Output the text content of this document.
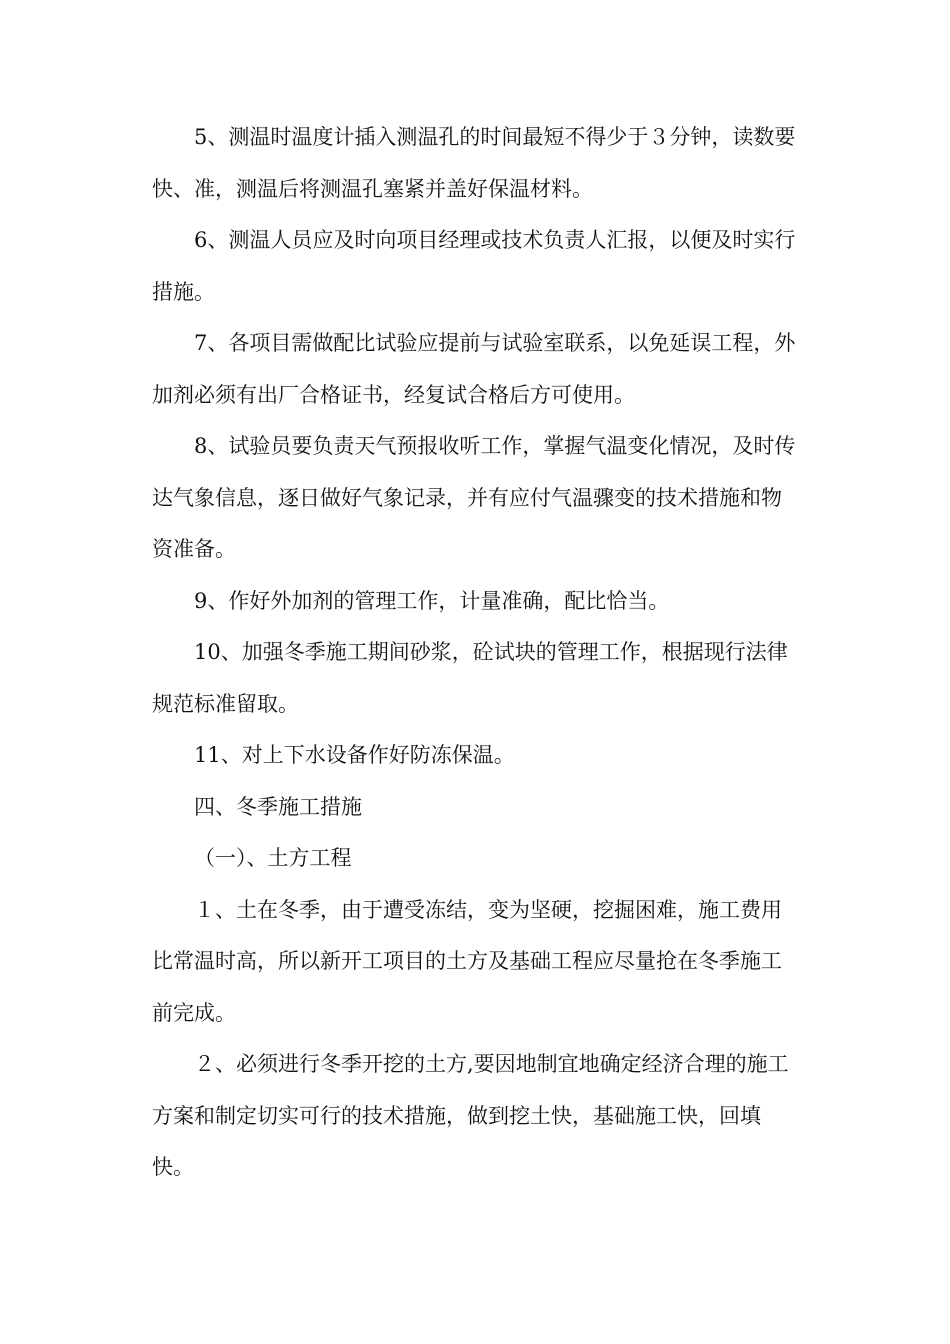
5、测温时温度计插入测温孔的时间最短不得少于３分钟，读数要快、准，测温后将测温孔塞紧并盖好保温材料。

6、测温人员应及时向项目经理或技术负责人汇报，以便及时实行措施。

7、各项目需做配比试验应提前与试验室联系，以免延误工程，外加剂必须有出厂合格证书，经复试合格后方可使用。

8、试验员要负责天气预报收听工作，掌握气温变化情况，及时传达气象信息，逐日做好气象记录，并有应付气温骤变的技术措施和物资准备。

9、作好外加剂的管理工作，计量准确，配比恰当。

10、加强冬季施工期间砂浆，砼试块的管理工作，根据现行法律规范标准留取。

11、对上下水设备作好防冻保温。

四、冬季施工措施

（一）、土方工程

１、土在冬季，由于遭受冻结，变为坚硬，挖掘困难，施工费用比常温时高，所以新开工项目的土方及基础工程应尽量抢在冬季施工前完成。

２、必须进行冬季开挖的土方,要因地制宜地确定经济合理的施工方案和制定切实可行的技术措施，做到挖土快，基础施工快，回填快。
